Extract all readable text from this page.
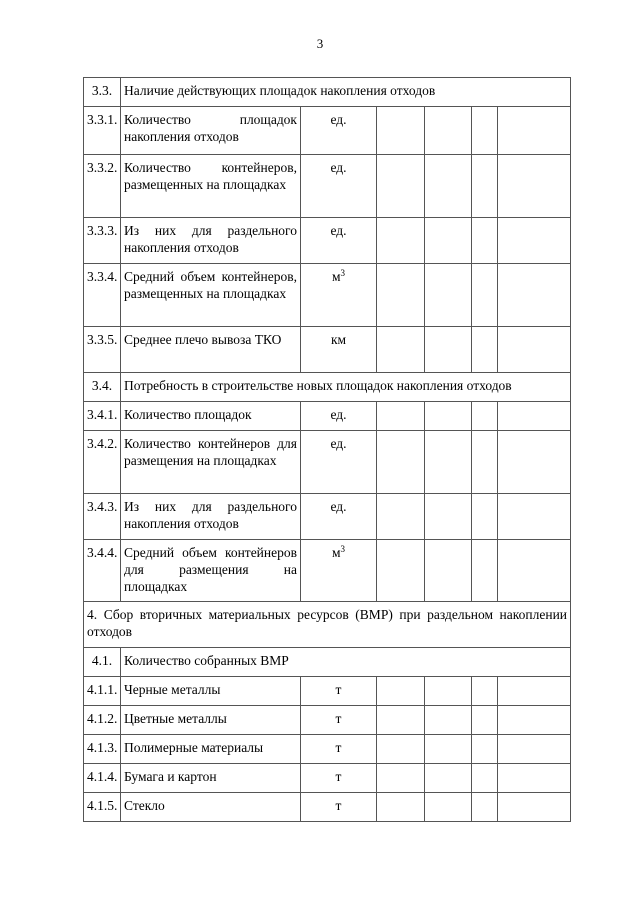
3
3.3.	Наличие действующих площадок накопления отходов					
3.3.1.	Количество площадок накопления отходов	ед.				
3.3.2.	Количество контейнеров, размещенных на площадках	ед.				
3.3.3.	Из них для раздельного накопления отходов	ед.				
3.3.4.	Средний объем контейнеров, размещенных на площадках	$м^3$				
3.3.5.	Среднее плечо вывоза ТКО	км				
3.4.	Потребность в строительстве новых площадок накопления отходов					
3.4.1.	Количество площадок	ед.				
3.4.2.	Количество контейнеров для размещения на площадках	ед.				
3.4.3.	Из них для раздельного накопления отходов	ед.				
3.4.4.	Средний объем контейнеров для размещения на площадках	$м^3$				
4. Сбор вторичных материальных ресурсов (ВМР) при раздельном накоплении отходов						
4.1.	Количество собранных ВМР					
4.1.1.	Черные металлы	т				
4.1.2.	Цветные металлы	т				
4.1.3.	Полимерные материалы	т				
4.1.4.	Бумага и картон	т				
4.1.5.	Стекло	т				
